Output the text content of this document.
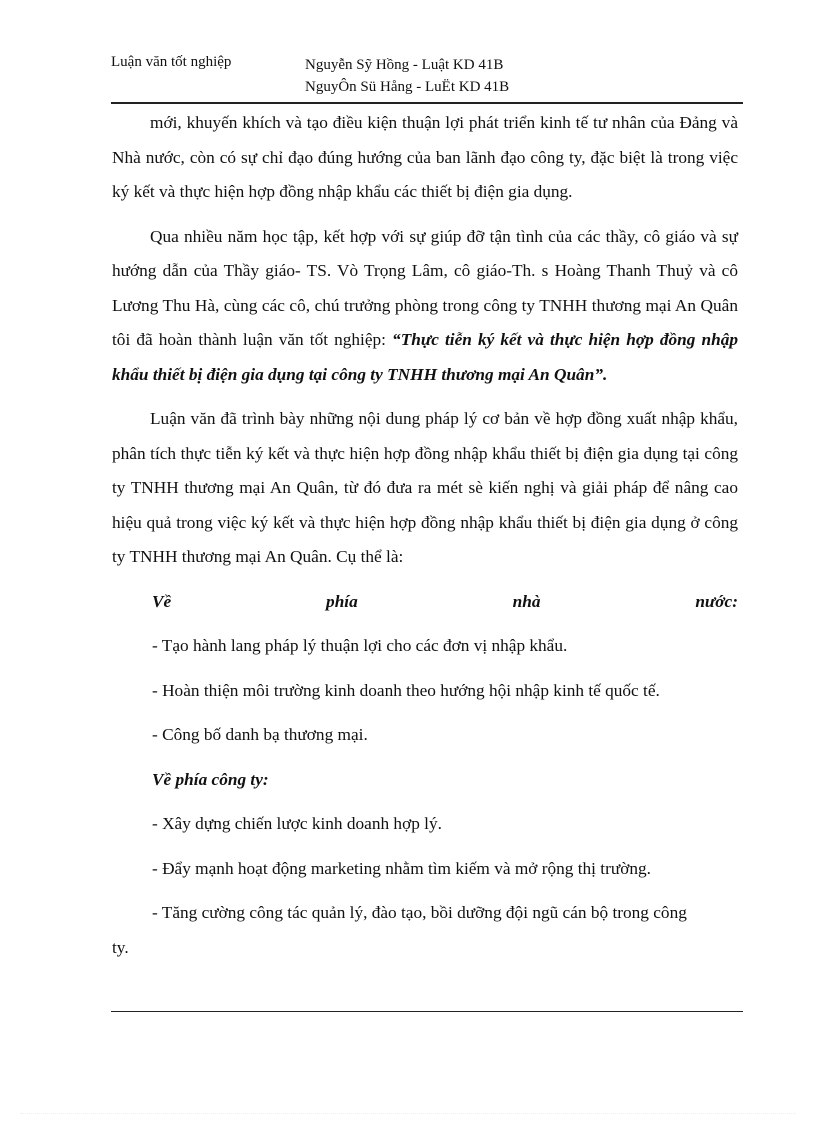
Luận văn tốt nghiệp	Nguyễn Sỹ Hồng - Luật KD 41B
NguyÔn Sü Hång - LuËt KD 41B

mới, khuyến khích và tạo điều kiện thuận lợi phát triển kinh tế tư nhân của Đảng và Nhà nước, còn có sự chỉ đạo đúng hướng của ban lãnh đạo công ty, đặc biệt là trong việc ký kết và thực hiện hợp đồng nhập khẩu các thiết bị điện gia dụng.

Qua nhiều năm học tập, kết hợp với sự giúp đỡ tận tình của các thầy, cô giáo và sự hướng dẫn của Thầy giáo- TS. Vò Trọng Lâm, cô giáo-Th. s Hoàng Thanh Thuỷ và cô Lương Thu Hà, cùng các cô, chú trưởng phòng trong công ty TNHH thương mại An Quân tôi đã hoàn thành luận văn tốt nghiệp: “Thực tiễn ký kết và thực hiện hợp đồng nhập khẩu thiết bị điện gia dụng tại công ty TNHH thương mại An Quân”.

Luận văn đã trình bày những nội dung pháp lý cơ bản về hợp đồng xuất nhập khẩu, phân tích thực tiễn ký kết và thực hiện hợp đồng nhập khẩu thiết bị điện gia dụng tại công ty TNHH thương mại An Quân, từ đó đưa ra mét sè kiến nghị và giải pháp để nâng cao hiệu quả trong việc ký kết và thực hiện hợp đồng nhập khẩu thiết bị điện gia dụng ở công ty TNHH thương mại An Quân. Cụ thể là:

Về	phía	nhà	nước:
- Tạo hành lang pháp lý thuận lợi cho các đơn vị nhập khẩu.
- Hoàn thiện môi trường kinh doanh theo hướng hội nhập kinh tế quốc tế.
- Công bố danh bạ thương mại.
Về phía công ty:
- Xây dựng chiến lược kinh doanh hợp lý.
- Đẩy mạnh hoạt động marketing nhằm tìm kiếm và mở rộng thị trường.
- Tăng cường công tác quản lý, đào tạo, bồi dưỡng đội ngũ cán bộ trong công
ty.
